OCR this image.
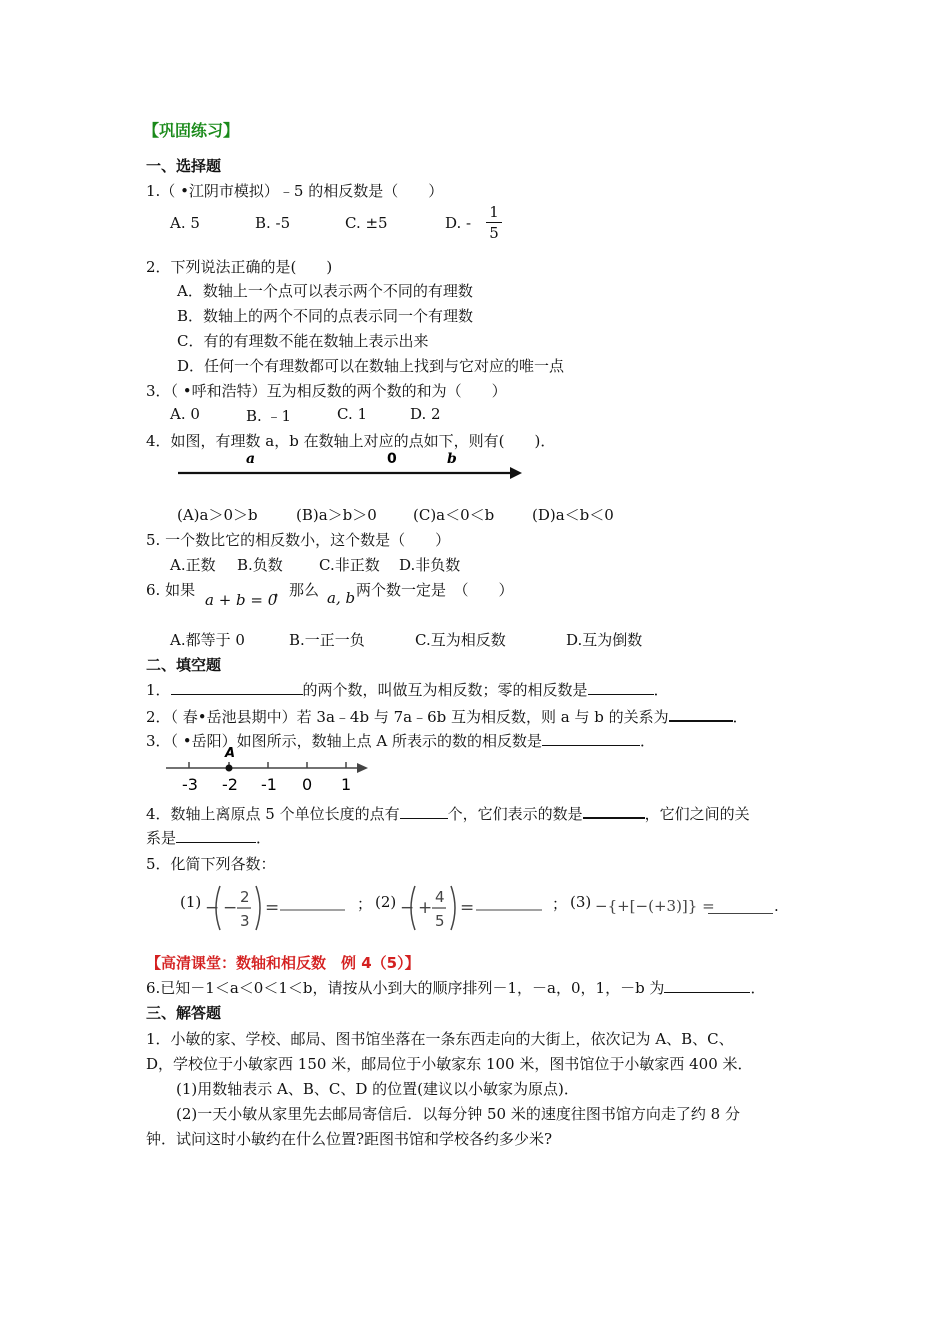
【巩固练习】
一、选择题
1.（ •江阴市模拟）﹣5 的相反数是（　　）
A. 5	B. -5	C. ±5	D. -
1
5
2．下列说法正确的是(　　)
A．数轴上一个点可以表示两个不同的有理数
B．数轴上的两个不同的点表示同一个有理数
C．有的有理数不能在数轴上表示出来
D．任何一个有理数都可以在数轴上找到与它对应的唯一点
3．（ •呼和浩特）互为相反数的两个数的和为（　　）
A. 0	B. ﹣1	C. 1	D. 2
4．如图，有理数 a，b 在数轴上对应的点如下，则有(　　)．
a	0	b
(A)a＞0＞b	(B)a＞b＞0 (C)a＜0＜b	(D)a＜b＜0
5. 一个数比它的相反数小，这个数是（　　）
A.正数 B.负数 C.非正数 D.非负数
6. 如果
a + b = 0
，那么 a, b 两个数一定是　（　　）
A.都等于 0	B.一正一负	C.互为相反数	D.互为倒数
二、填空题
1．	的两个数，叫做互为相反数；零的相反数是	．
2．（ 春•岳池县期中）若 3a﹣4b 与 7a﹣6b 互为相反数，则 a 与 b 的关系为	．
3．（ •岳阳）如图所示，数轴上点 A 所表示的数的相反数是	．
A
-3 -2 -1 0 1
4．数轴上离原点 5 个单位长度的点有	个，它们表示的数是	，它们之间的关
系是	．
5．化简下列各数：
(1) − −
2
3
=	； (2) − +
4
5
=	； (3) −{+[−(+3)]} =	.
【高清课堂：数轴和相反数　例 4（5）】
6.已知－1＜a＜0＜1＜b，请按从小到大的顺序排列－1，－a，0，1，－b 为	．
三、解答题
1．小敏的家、学校、邮局、图书馆坐落在一条东西走向的大街上，依次记为 A、B、C、
D，学校位于小敏家西 150 米，邮局位于小敏家东 100 米，图书馆位于小敏家西 400 米．
(1)用数轴表示 A、B、C、D 的位置(建议以小敏家为原点)．
(2)一天小敏从家里先去邮局寄信后．以每分钟 50 米的速度往图书馆方向走了约 8 分
钟．试问这时小敏约在什么位置?距图书馆和学校各约多少米?
